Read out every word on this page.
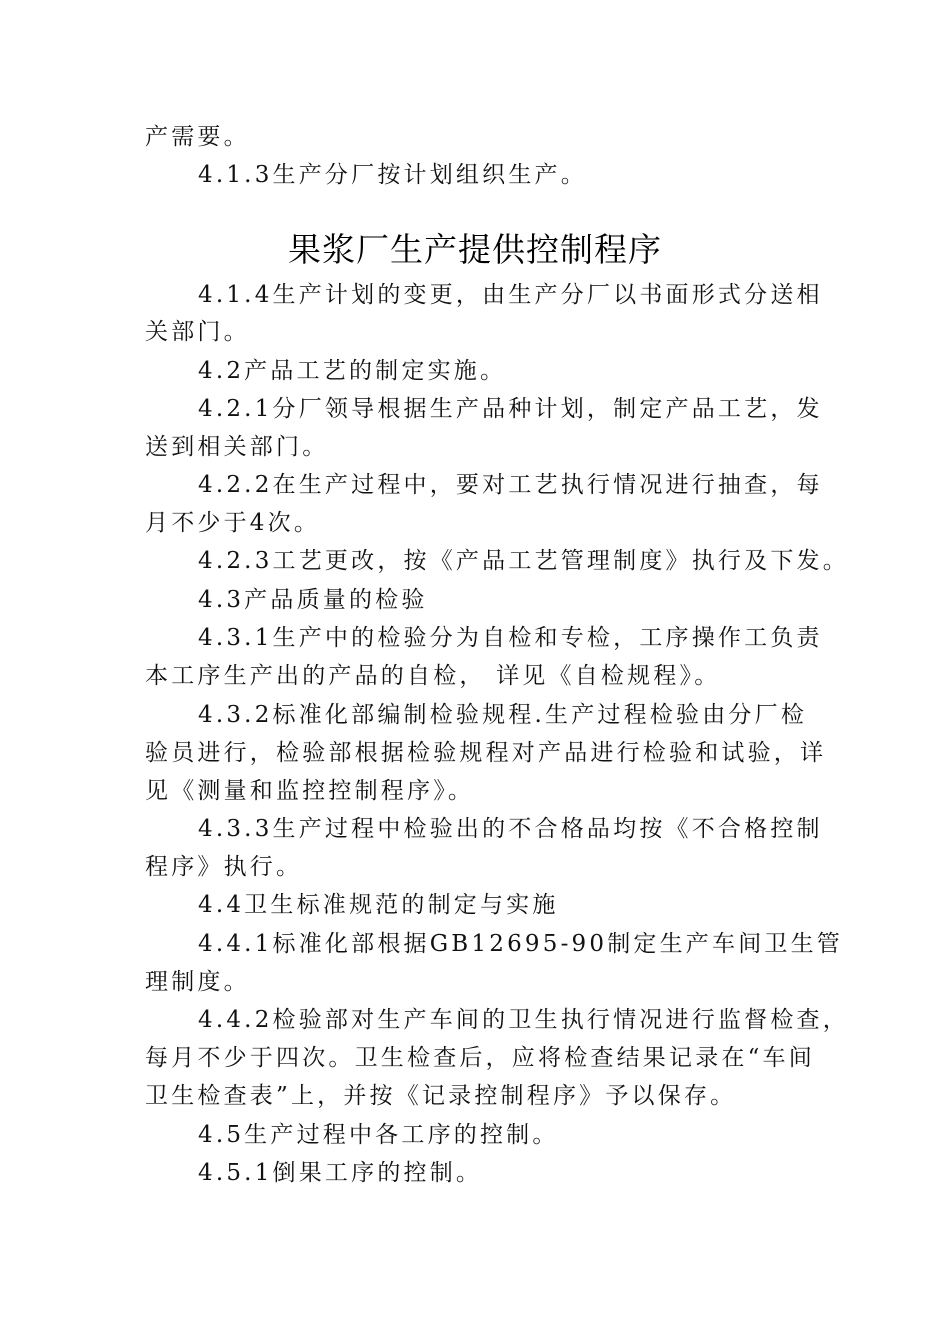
产需要。
4.1.3生产分厂按计划组织生产。
果浆厂生产提供控制程序
4.1.4生产计划的变更，由生产分厂以书面形式分送相
关部门。
4.2产品工艺的制定实施。
4.2.1分厂领导根据生产品种计划，制定产品工艺，发
送到相关部门。
4.2.2在生产过程中，要对工艺执行情况进行抽查，每
月不少于4次。
4.2.3工艺更改，按《产品工艺管理制度》执行及下发。
4.3产品质量的检验
4.3.1生产中的检验分为自检和专检，工序操作工负责
本工序生产出的产品的自检， 详见《自检规程》。
4.3.2标准化部编制检验规程.生产过程检验由分厂检
验员进行，检验部根据检验规程对产品进行检验和试验，详
见《测量和监控控制程序》。
4.3.3生产过程中检验出的不合格品均按《不合格控制
程序》执行。
4.4卫生标准规范的制定与实施
4.4.1标准化部根据GB12695-90制定生产车间卫生管
理制度。
4.4.2检验部对生产车间的卫生执行情况进行监督检查，
每月不少于四次。卫生检查后，应将检查结果记录在“车间
卫生检查表”上，并按《记录控制程序》予以保存。
4.5生产过程中各工序的控制。
4.5.1倒果工序的控制。
